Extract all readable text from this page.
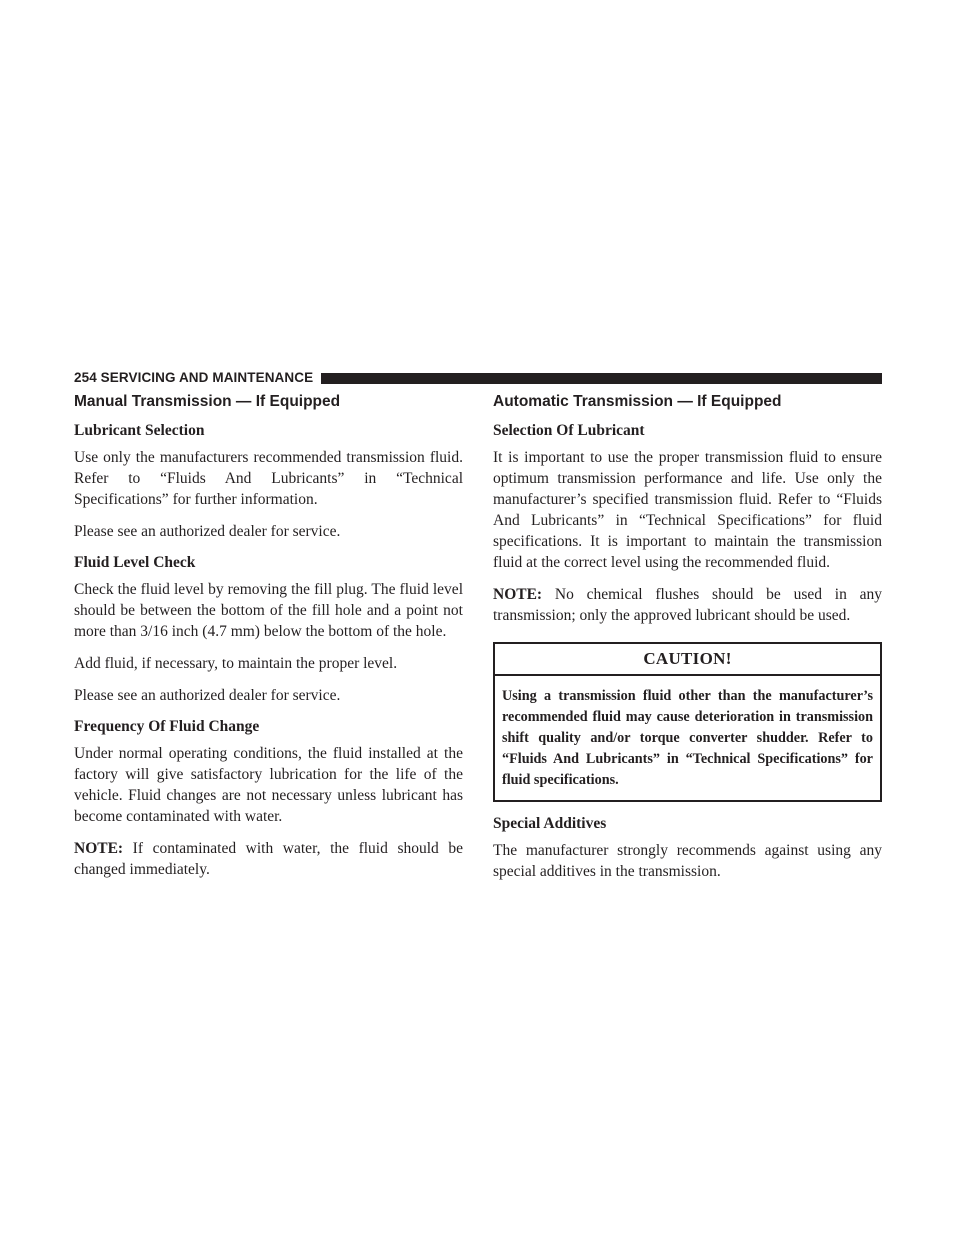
254 SERVICING AND MAINTENANCE
Manual Transmission — If Equipped
Lubricant Selection

Use only the manufacturers recommended transmission fluid. Refer to “Fluids And Lubricants” in “Technical Specifications” for further information.

Please see an authorized dealer for service.

Fluid Level Check

Check the fluid level by removing the fill plug. The fluid level should be between the bottom of the fill hole and a point not more than 3/16 inch (4.7 mm) below the bottom of the hole.

Add fluid, if necessary, to maintain the proper level.

Please see an authorized dealer for service.

Frequency Of Fluid Change

Under normal operating conditions, the fluid installed at the factory will give satisfactory lubrication for the life of the vehicle. Fluid changes are not necessary unless lubricant has become contaminated with water.

NOTE: If contaminated with water, the fluid should be changed immediately.

Automatic Transmission — If Equipped
Selection Of Lubricant

It is important to use the proper transmission fluid to ensure optimum transmission performance and life. Use only the manufacturer’s specified transmission fluid. Refer to “Fluids And Lubricants” in “Technical Specifications” for fluid specifications. It is important to maintain the transmission fluid at the correct level using the recommended fluid.

NOTE: No chemical flushes should be used in any transmission; only the approved lubricant should be used.

CAUTION!
Using a transmission fluid other than the manufacturer’s recommended fluid may cause deterioration in transmission shift quality and/or torque converter shudder. Refer to “Fluids And Lubricants” in “Technical Specifications” for fluid specifications.
Special Additives

The manufacturer strongly recommends against using any special additives in the transmission.
